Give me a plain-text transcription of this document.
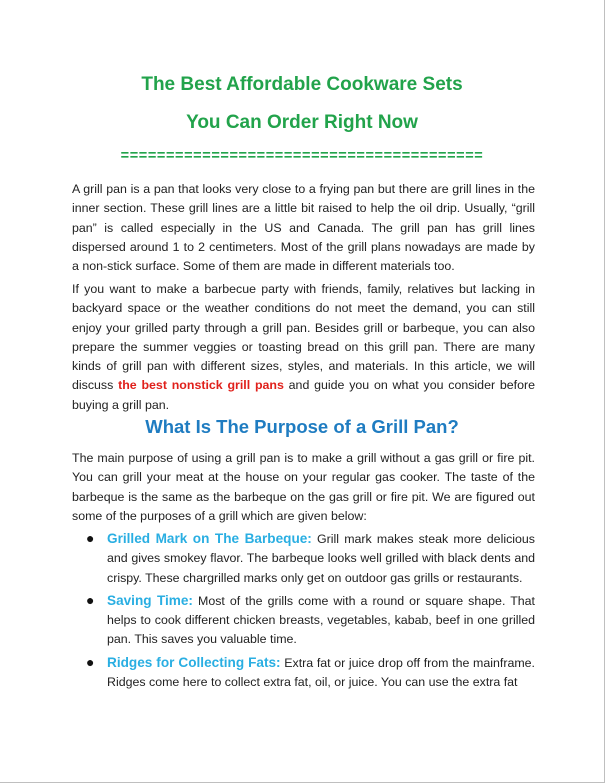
The Best Affordable Cookware Sets
You Can Order Right Now
========================================

A grill pan is a pan that looks very close to a frying pan but there are grill lines in the inner section. These grill lines are a little bit raised to help the oil drip. Usually, “grill pan” is called especially in the US and Canada. The grill pan has grill lines dispersed around 1 to 2 centimeters. Most of the grill plans nowadays are made by a non-stick surface. Some of them are made in different materials too.

If you want to make a barbecue party with friends, family, relatives but lacking in backyard space or the weather conditions do not meet the demand, you can still enjoy your grilled party through a grill pan. Besides grill or barbeque, you can also prepare the summer veggies or toasting bread on this grill pan. There are many kinds of grill pan with different sizes, styles, and materials. In this article, we will discuss the best nonstick grill pans and guide you on what you consider before buying a grill pan.

What Is The Purpose of a Grill Pan?

The main purpose of using a grill pan is to make a grill without a gas grill or fire pit. You can grill your meat at the house on your regular gas cooker. The taste of the barbeque is the same as the barbeque on the gas grill or fire pit. We are figured out some of the purposes of a grill which are given below:

● Grilled Mark on The Barbeque: Grill mark makes steak more delicious and gives smokey flavor. The barbeque looks well grilled with black dents and crispy. These chargrilled marks only get on outdoor gas grills or restaurants.
● Saving Time: Most of the grills come with a round or square shape. That helps to cook different chicken breasts, vegetables, kabab, beef in one grilled pan. This saves you valuable time.
● Ridges for Collecting Fats: Extra fat or juice drop off from the mainframe. Ridges come here to collect extra fat, oil, or juice. You can use the extra fat
